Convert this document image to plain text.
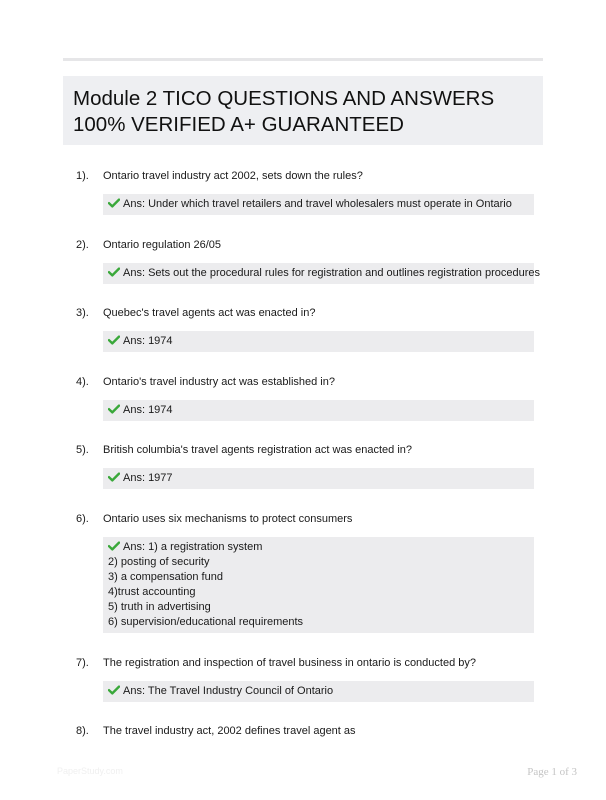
Module 2 TICO QUESTIONS AND ANSWERS
100% VERIFIED A+ GUARANTEED
1). Ontario travel industry act 2002, sets down the rules?
Ans: Under which travel retailers and travel wholesalers must operate in Ontario
2). Ontario regulation 26/05
Ans: Sets out the procedural rules for registration and outlines registration procedures
3). Quebec's travel agents act was enacted in?
Ans: 1974
4). Ontario's travel industry act was established in?
Ans: 1974
5). British columbia's travel agents registration act was enacted in?
Ans: 1977
6). Ontario uses six mechanisms to protect consumers
Ans: 1) a registration system
2) posting of security
3) a compensation fund
4)trust accounting
5) truth in advertising
6) supervision/educational requirements
7). The registration and inspection of travel business in ontario is conducted by?
Ans: The Travel Industry Council of Ontario
8). The travel industry act, 2002 defines travel agent as
PaperStudy.com	Page 1 of 3
